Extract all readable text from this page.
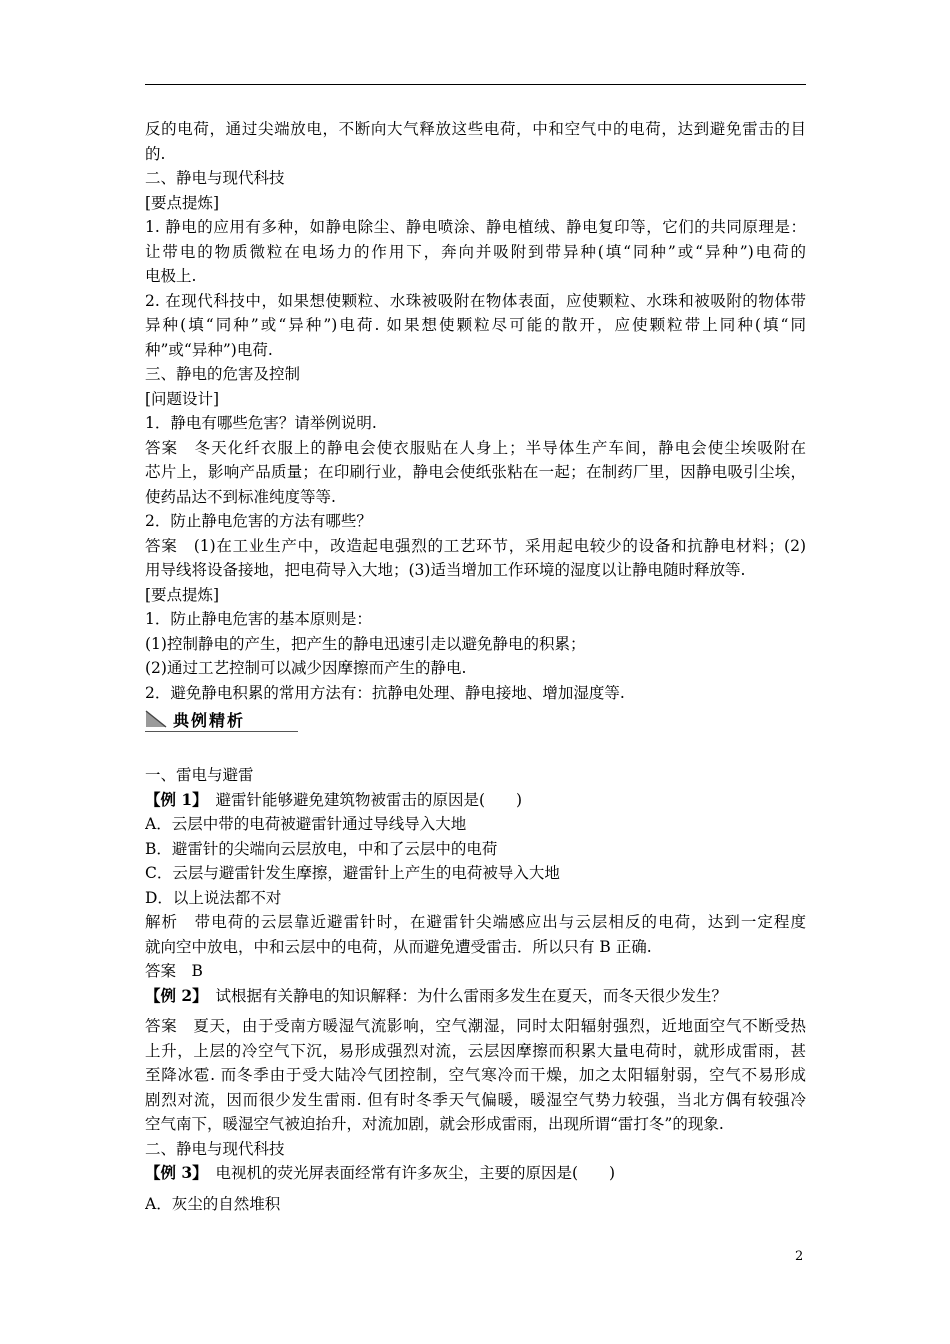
反的电荷，通过尖端放电，不断向大气释放这些电荷，中和空气中的电荷，达到避免雷击的目
的.
二、静电与现代科技
[要点提炼]
1. 静电的应用有多种，如静电除尘、静电喷涂、静电植绒、静电复印等，它们的共同原理是：
让带电的物质微粒在电场力的作用下，奔向并吸附到带异种(填“同种”或“异种”)电荷的
电极上.
2. 在现代科技中，如果想使颗粒、水珠被吸附在物体表面，应使颗粒、水珠和被吸附的物体带
异种(填“同种”或“异种”)电荷. 如果想使颗粒尽可能的散开，应使颗粒带上同种(填“同
种”或“异种”)电荷.
三、静电的危害及控制
[问题设计]
1．静电有哪些危害？请举例说明.
答案　冬天化纤衣服上的静电会使衣服贴在人身上；半导体生产车间，静电会使尘埃吸附在
芯片上，影响产品质量；在印刷行业，静电会使纸张粘在一起；在制药厂里，因静电吸引尘埃，
使药品达不到标准纯度等等.
2．防止静电危害的方法有哪些？
答案　(1)在工业生产中，改造起电强烈的工艺环节，采用起电较少的设备和抗静电材料；(2)
用导线将设备接地，把电荷导入大地；(3)适当增加工作环境的湿度以让静电随时释放等.
[要点提炼]
1．防止静电危害的基本原则是：
(1)控制静电的产生，把产生的静电迅速引走以避免静电的积累；
(2)通过工艺控制可以减少因摩擦而产生的静电.
2．避免静电积累的常用方法有：抗静电处理、静电接地、增加湿度等.
典例精析
一、雷电与避雷
【例 1】　避雷针能够避免建筑物被雷击的原因是(　　)
A．云层中带的电荷被避雷针通过导线导入大地
B．避雷针的尖端向云层放电，中和了云层中的电荷
C．云层与避雷针发生摩擦，避雷针上产生的电荷被导入大地
D．以上说法都不对
解析　带电荷的云层靠近避雷针时，在避雷针尖端感应出与云层相反的电荷，达到一定程度
就向空中放电，中和云层中的电荷，从而避免遭受雷击．所以只有 B 正确.
答案　B
【例 2】　试根据有关静电的知识解释：为什么雷雨多发生在夏天，而冬天很少发生？
答案　夏天，由于受南方暖湿气流影响，空气潮湿，同时太阳辐射强烈，近地面空气不断受热
上升，上层的冷空气下沉，易形成强烈对流，云层因摩擦而积累大量电荷时，就形成雷雨，甚
至降冰雹. 而冬季由于受大陆冷气团控制，空气寒冷而干燥，加之太阳辐射弱，空气不易形成
剧烈对流，因而很少发生雷雨. 但有时冬季天气偏暖，暖湿空气势力较强，当北方偶有较强冷
空气南下，暖湿空气被迫抬升，对流加剧，就会形成雷雨，出现所谓“雷打冬”的现象.
二、静电与现代科技
【例 3】　电视机的荧光屏表面经常有许多灰尘，主要的原因是(　　)
A．灰尘的自然堆积
2
